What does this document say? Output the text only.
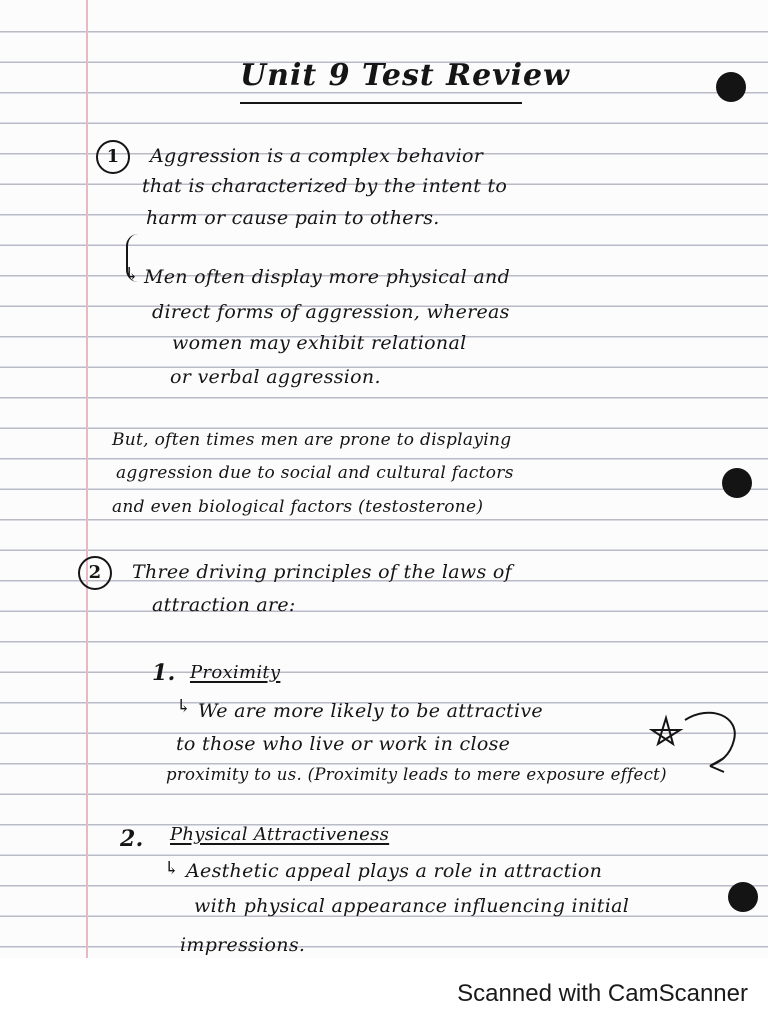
Unit 9 Test Review
1	Aggression is a complex behavior
that is characterized by the intent to
harm or cause pain to others.
↳ Men often display more physical and
direct forms of aggression, whereas
women may exhibit relational
or verbal aggression.
But, often times men are prone to displaying
aggression due to social and cultural factors
and even biological factors (testosterone)
2	Three driving principles of the laws of
attraction are:
1. Proximity
↳ We are more likely to be attractive
to those who live or work in close
proximity to us. (Proximity leads to mere exposure effect)
2. Physical Attractiveness
↳ Aesthetic appeal plays a role in attraction
with physical appearance influencing initial
impressions.
Scanned with CamScanner
